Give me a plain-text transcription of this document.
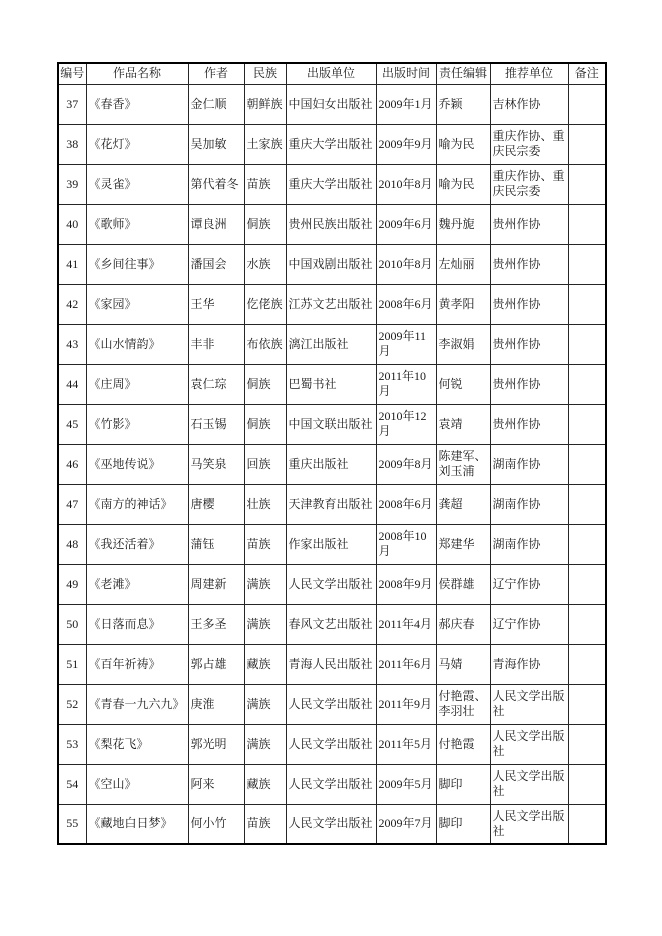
编号	作品名称	作者	民族	出版单位	出版时间	责任编辑	推荐单位	备注
37	《春香》	金仁顺	朝鲜族	中国妇女出版社	2009年1月	乔颖	吉林作协	
38	《花灯》	吴加敏	土家族	重庆大学出版社	2009年9月	喻为民	重庆作协、重庆民宗委	
39	《灵雀》	第代着冬	苗族	重庆大学出版社	2010年8月	喻为民	重庆作协、重庆民宗委	
40	《歌师》	谭良洲	侗族	贵州民族出版社	2009年6月	魏丹旎	贵州作协	
41	《乡间往事》	潘国会	水族	中国戏剧出版社	2010年8月	左灿丽	贵州作协	
42	《家园》	王华	仡佬族	江苏文艺出版社	2008年6月	黄孝阳	贵州作协	
43	《山水情韵》	丰非	布依族	漓江出版社	2009年11月	李淑娟	贵州作协	
44	《庄周》	袁仁琮	侗族	巴蜀书社	2011年10月	何锐	贵州作协	
45	《竹影》	石玉锡	侗族	中国文联出版社	2010年12月	袁靖	贵州作协	
46	《巫地传说》	马笑泉	回族	重庆出版社	2009年8月	陈建军、刘玉浦	湖南作协	
47	《南方的神话》	唐樱	壮族	天津教育出版社	2008年6月	龚超	湖南作协	
48	《我还活着》	蒲钰	苗族	作家出版社	2008年10月	郑建华	湖南作协	
49	《老滩》	周建新	满族	人民文学出版社	2008年9月	侯群雄	辽宁作协	
50	《日落而息》	王多圣	满族	春风文艺出版社	2011年4月	郝庆春	辽宁作协	
51	《百年祈祷》	郭占雄	藏族	青海人民出版社	2011年6月	马婧	青海作协	
52	《青春一九六九》	庚淮	满族	人民文学出版社	2011年9月	付艳霞、李羽壮	人民文学出版社	
53	《梨花飞》	郭光明	满族	人民文学出版社	2011年5月	付艳霞	人民文学出版社	
54	《空山》	阿来	藏族	人民文学出版社	2009年5月	脚印	人民文学出版社	
55	《藏地白日梦》	何小竹	苗族	人民文学出版社	2009年7月	脚印	人民文学出版社	
